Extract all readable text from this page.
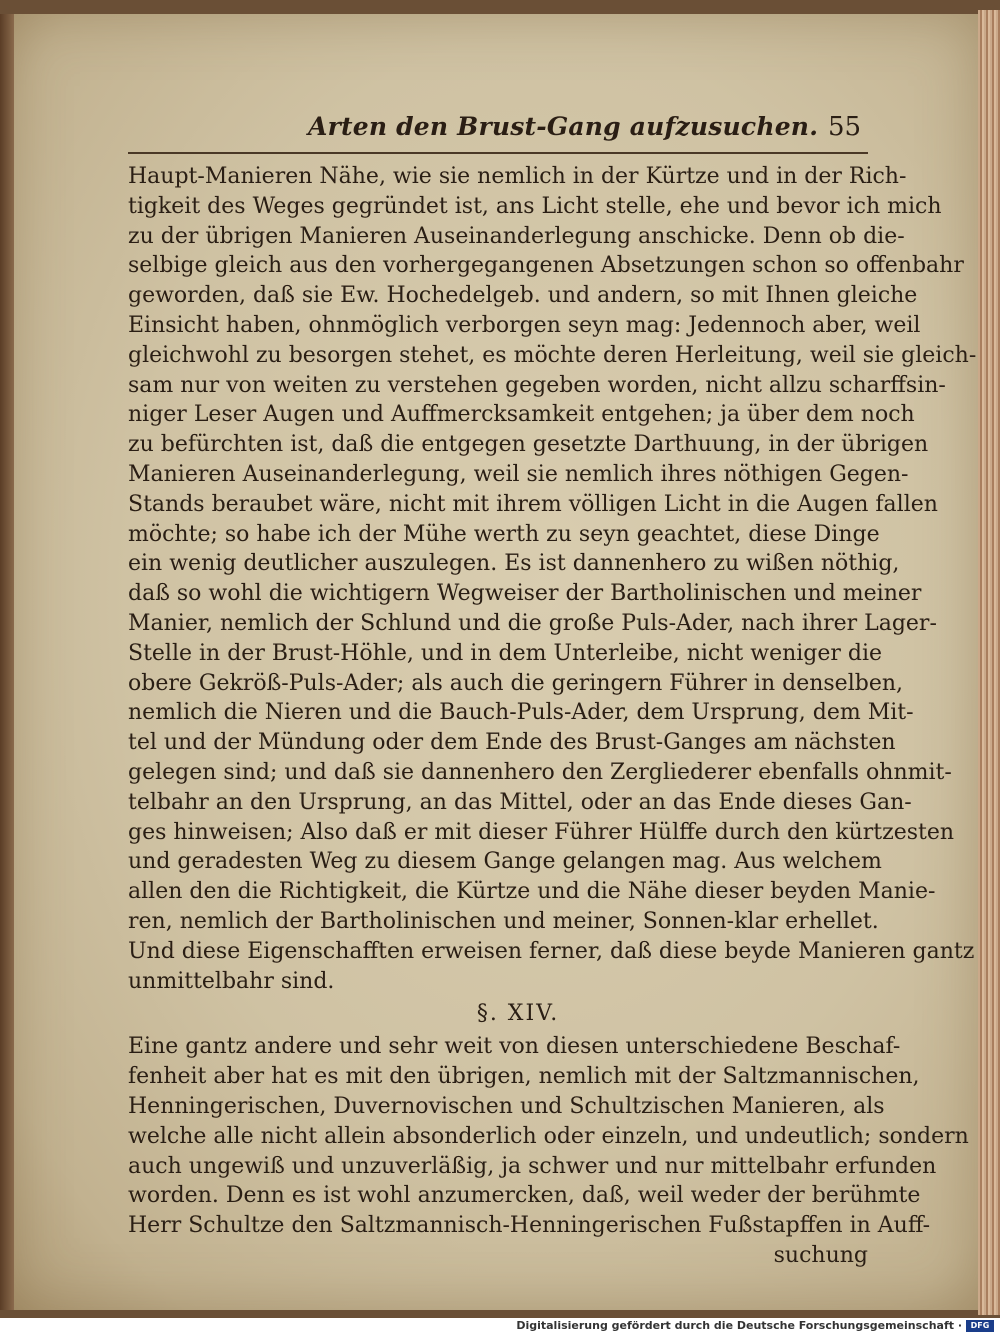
Arten den Brust-Gang aufzusuchen. 55
Haupt-Manieren Nähe, wie sie nemlich in der Kürtze und in der Rich-
tigkeit des Weges gegründet ist, ans Licht stelle, ehe und bevor ich mich
zu der übrigen Manieren Auseinanderlegung anschicke. Denn ob die-
selbige gleich aus den vorhergegangenen Absetzungen schon so offenbahr
geworden, daß sie Ew. Hochedelgeb. und andern, so mit Ihnen gleiche
Einsicht haben, ohnmöglich verborgen seyn mag: Jedennoch aber, weil
gleichwohl zu besorgen stehet, es möchte deren Herleitung, weil sie gleich-
sam nur von weiten zu verstehen gegeben worden, nicht allzu scharffsin-
niger Leser Augen und Auffmercksamkeit entgehen; ja über dem noch
zu befürchten ist, daß die entgegen gesetzte Darthuung, in der übrigen
Manieren Auseinanderlegung, weil sie nemlich ihres nöthigen Gegen-
Stands beraubet wäre, nicht mit ihrem völligen Licht in die Augen fallen
möchte; so habe ich der Mühe werth zu seyn geachtet, diese Dinge
ein wenig deutlicher auszulegen. Es ist dannenhero zu wißen nöthig,
daß so wohl die wichtigern Wegweiser der Bartholinischen und meiner
Manier, nemlich der Schlund und die große Puls-Ader, nach ihrer Lager-
Stelle in der Brust-Höhle, und in dem Unterleibe, nicht weniger die
obere Gekröß-Puls-Ader; als auch die geringern Führer in denselben,
nemlich die Nieren und die Bauch-Puls-Ader, dem Ursprung, dem Mit-
tel und der Mündung oder dem Ende des Brust-Ganges am nächsten
gelegen sind; und daß sie dannenhero den Zergliederer ebenfalls ohnmit-
telbahr an den Ursprung, an das Mittel, oder an das Ende dieses Gan-
ges hinweisen; Also daß er mit dieser Führer Hülffe durch den kürtzesten
und geradesten Weg zu diesem Gange gelangen mag. Aus welchem
allen den die Richtigkeit, die Kürtze und die Nähe dieser beyden Manie-
ren, nemlich der Bartholinischen und meiner, Sonnen-klar erhellet.
Und diese Eigenschafften erweisen ferner, daß diese beyde Manieren gantz
unmittelbahr sind.
§. XIV.
Eine gantz andere und sehr weit von diesen unterschiedene Beschaf-
fenheit aber hat es mit den übrigen, nemlich mit der Saltzmannischen,
Henningerischen, Duvernovischen und Schultzischen Manieren, als
welche alle nicht allein absonderlich oder einzeln, und undeutlich; sondern
auch ungewiß und unzuverläßig, ja schwer und nur mittelbahr erfunden
worden. Denn es ist wohl anzumercken, daß, weil weder der berühmte
Herr Schultze den Saltzmannisch-Henningerischen Fußstapffen in Auff-
suchung
Digitalisierung gefördert durch die Deutsche Forschungsgemeinschaft ·	DFG
